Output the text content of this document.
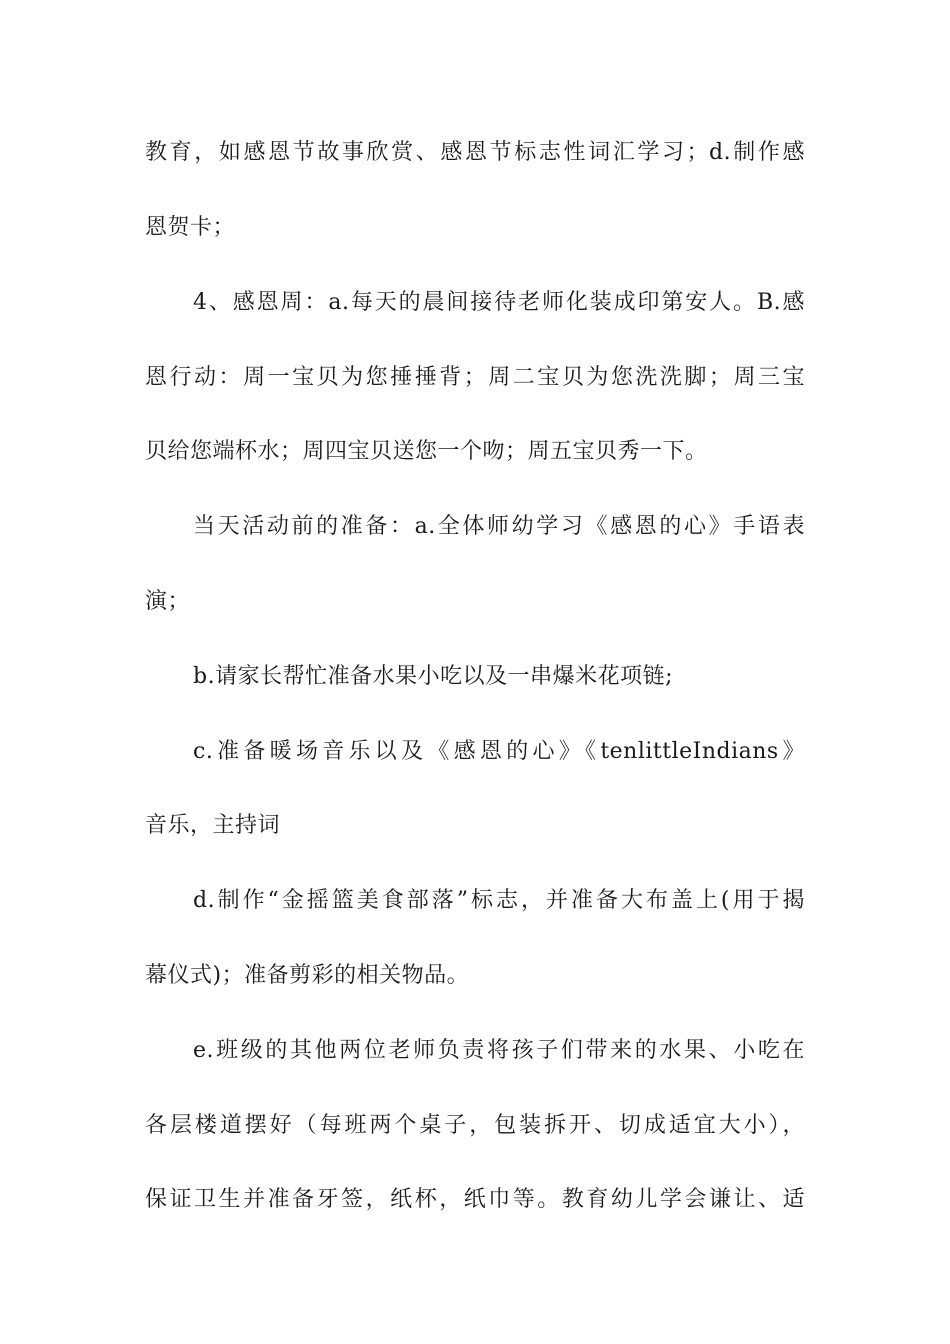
教育，如感恩节故事欣赏、感恩节标志性词汇学习；d.制作感
恩贺卡；
4、感恩周：a.每天的晨间接待老师化装成印第安人。B.感
恩行动：周一宝贝为您捶捶背；周二宝贝为您洗洗脚；周三宝
贝给您端杯水；周四宝贝送您一个吻；周五宝贝秀一下。
当天活动前的准备：a.全体师幼学习《感恩的心》手语表
演；
b.请家长帮忙准备水果小吃以及一串爆米花项链;
c.准备暖场音乐以及《感恩的心》《tenlittleIndians》
音乐，主持词
d.制作“金摇篮美食部落”标志，并准备大布盖上(用于揭
幕仪式)；准备剪彩的相关物品。
e.班级的其他两位老师负责将孩子们带来的水果、小吃在
各层楼道摆好（每班两个桌子，包装拆开、切成适宜大小），
保证卫生并准备牙签，纸杯，纸巾等。教育幼儿学会谦让、适
